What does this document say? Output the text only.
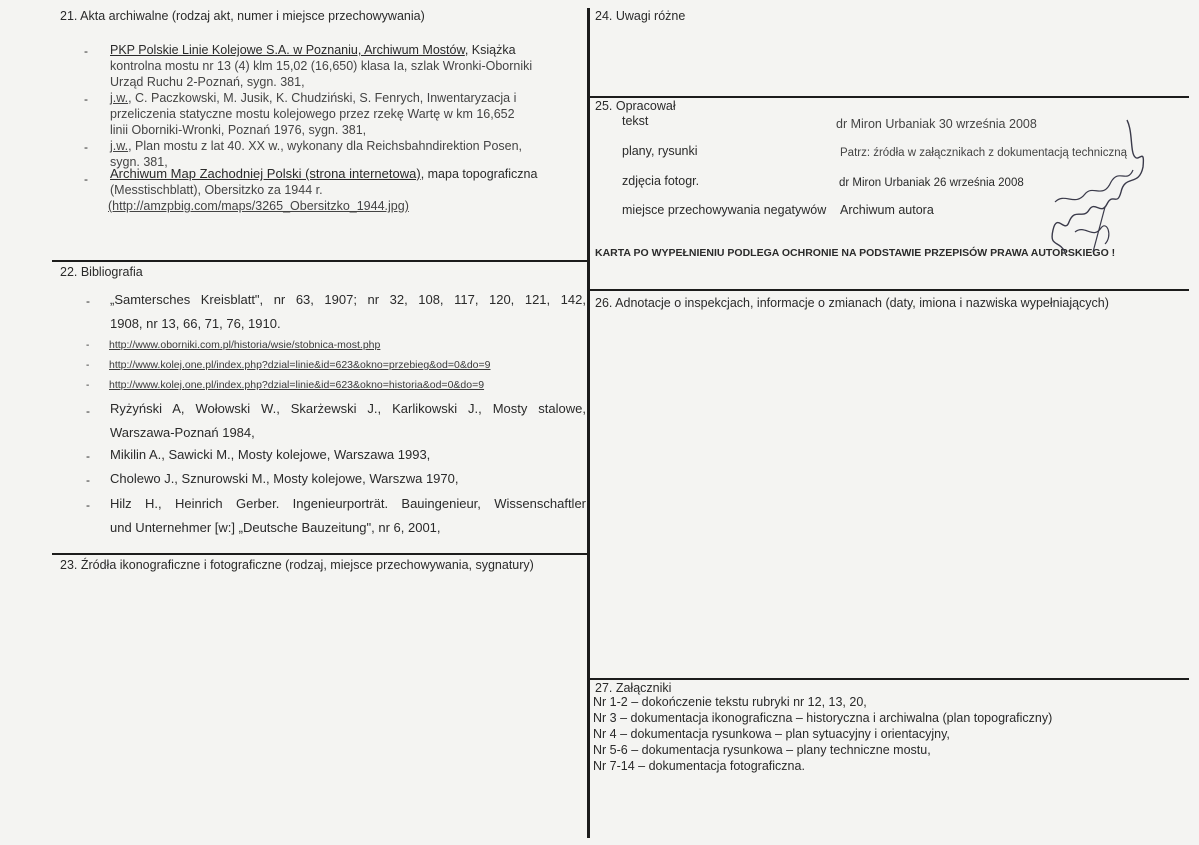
21. Akta archiwalne (rodzaj akt, numer i miejsce przechowywania)
- PKP Polskie Linie Kolejowe S.A. w Poznaniu, Archiwum Mostów, Książka
kontrolna mostu nr 13 (4) klm 15,02 (16,650) klasa Ia, szlak Wronki-Oborniki
Urząd Ruchu 2-Poznań, sygn. 381,
- j.w., C. Paczkowski, M. Jusik, K. Chudziński, S. Fenrych, Inwentaryzacja i
przeliczenia statyczne mostu kolejowego przez rzekę Wartę w km 16,652
linii Oborniki-Wronki, Poznań 1976, sygn. 381,
- j.w., Plan mostu z lat 40. XX w., wykonany dla Reichsbahndirektion Posen,
sygn. 381,
- Archiwum Map Zachodniej Polski (strona internetowa), mapa topograficzna
(Messtischblatt), Obersitzko za 1944 r.
(http://amzpbig.com/maps/3265_Obersitzko_1944.jpg)
22. Bibliografia
- „Samtersches Kreisblatt", nr 63, 1907; nr 32, 108, 117, 120, 121, 142,
1908, nr 13, 66, 71, 76, 1910.
- http://www.oborniki.com.pl/historia/wsie/stobnica-most.php
- http://www.kolej.one.pl/index.php?dzial=linie&id=623&okno=przebieg&od=0&do=9
- http://www.kolej.one.pl/index.php?dzial=linie&id=623&okno=historia&od=0&do=9
- Ryżyński A, Wołowski W., Skarżewski J., Karlikowski J., Mosty stalowe,
Warszawa-Poznań 1984,
- Mikilin A., Sawicki M., Mosty kolejowe, Warszawa 1993,
- Cholewo J., Sznurowski M., Mosty kolejowe, Warszwa 1970,
- Hilz H., Heinrich Gerber. Ingenieurporträt. Bauingenieur, Wissenschaftler
und Unternehmer [w:] „Deutsche Bauzeitung", nr 6, 2001,
23. Źródła ikonograficzne i fotograficzne (rodzaj, miejsce przechowywania, sygnatury)
24. Uwagi różne
25. Opracował
tekst	dr Miron Urbaniak 30 września 2008
plany, rysunki	Patrz: źródła w załącznikach z dokumentacją techniczną
zdjęcia fotogr.	dr Miron Urbaniak 26 września 2008
miejsce przechowywania negatywów Archiwum autora
KARTA PO WYPEŁNIENIU PODLEGA OCHRONIE NA PODSTAWIE PRZEPISÓW PRAWA AUTORSKIEGO !
26. Adnotacje o inspekcjach, informacje o zmianach (daty, imiona i nazwiska wypełniających)
27. Załączniki
Nr 1-2 – dokończenie tekstu rubryki nr 12, 13, 20,
Nr 3 – dokumentacja ikonograficzna – historyczna i archiwalna (plan topograficzny)
Nr 4 – dokumentacja rysunkowa – plan sytuacyjny i orientacyjny,
Nr 5-6 – dokumentacja rysunkowa – plany techniczne mostu,
Nr 7-14 – dokumentacja fotograficzna.
